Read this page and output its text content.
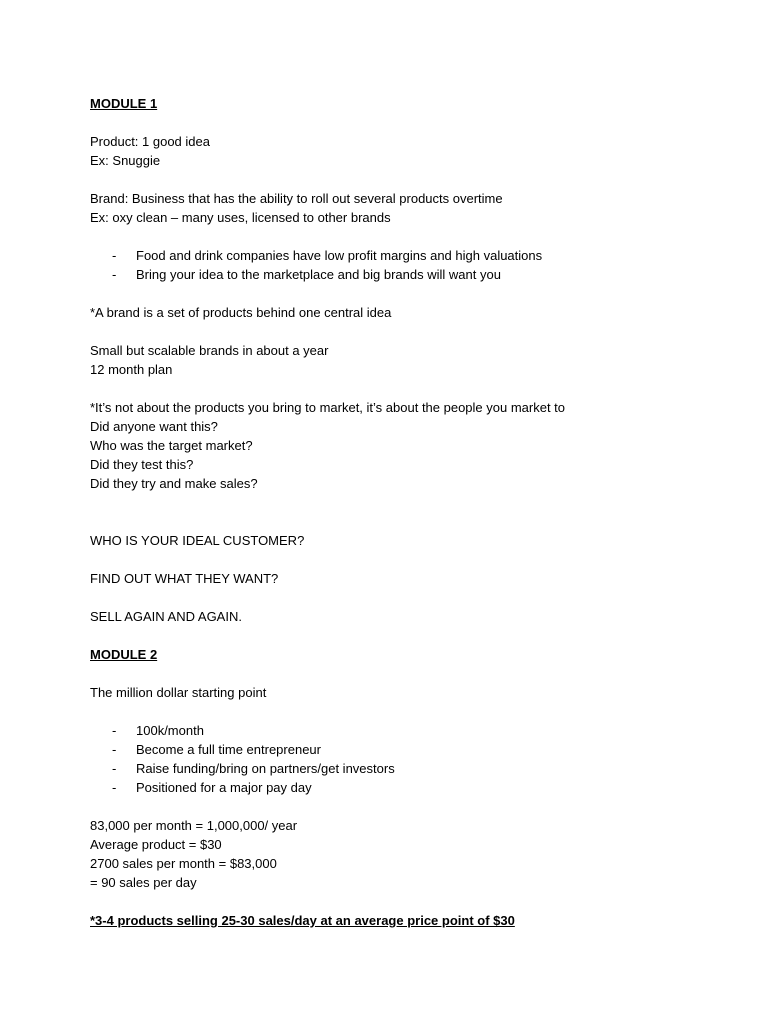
MODULE 1
Product: 1 good idea
Ex: Snuggie
Brand: Business that has the ability to roll out several products overtime
Ex: oxy clean – many uses, licensed to other brands
- Food and drink companies have low profit margins and high valuations
- Bring your idea to the marketplace and big brands will want you
*A brand is a set of products behind one central idea
Small but scalable brands in about a year
12 month plan
*It’s not about the products you bring to market, it’s about the people you market to
Did anyone want this?
Who was the target market?
Did they test this?
Did they try and make sales?
WHO IS YOUR IDEAL CUSTOMER?
FIND OUT WHAT THEY WANT?
SELL AGAIN AND AGAIN.
MODULE 2
The million dollar starting point
- 100k/month
- Become a full time entrepreneur
- Raise funding/bring on partners/get investors
- Positioned for a major pay day
83,000 per month = 1,000,000/ year
Average product = $30
2700 sales per month = $83,000
= 90 sales per day
*3-4 products selling 25-30 sales/day at an average price point of $30
